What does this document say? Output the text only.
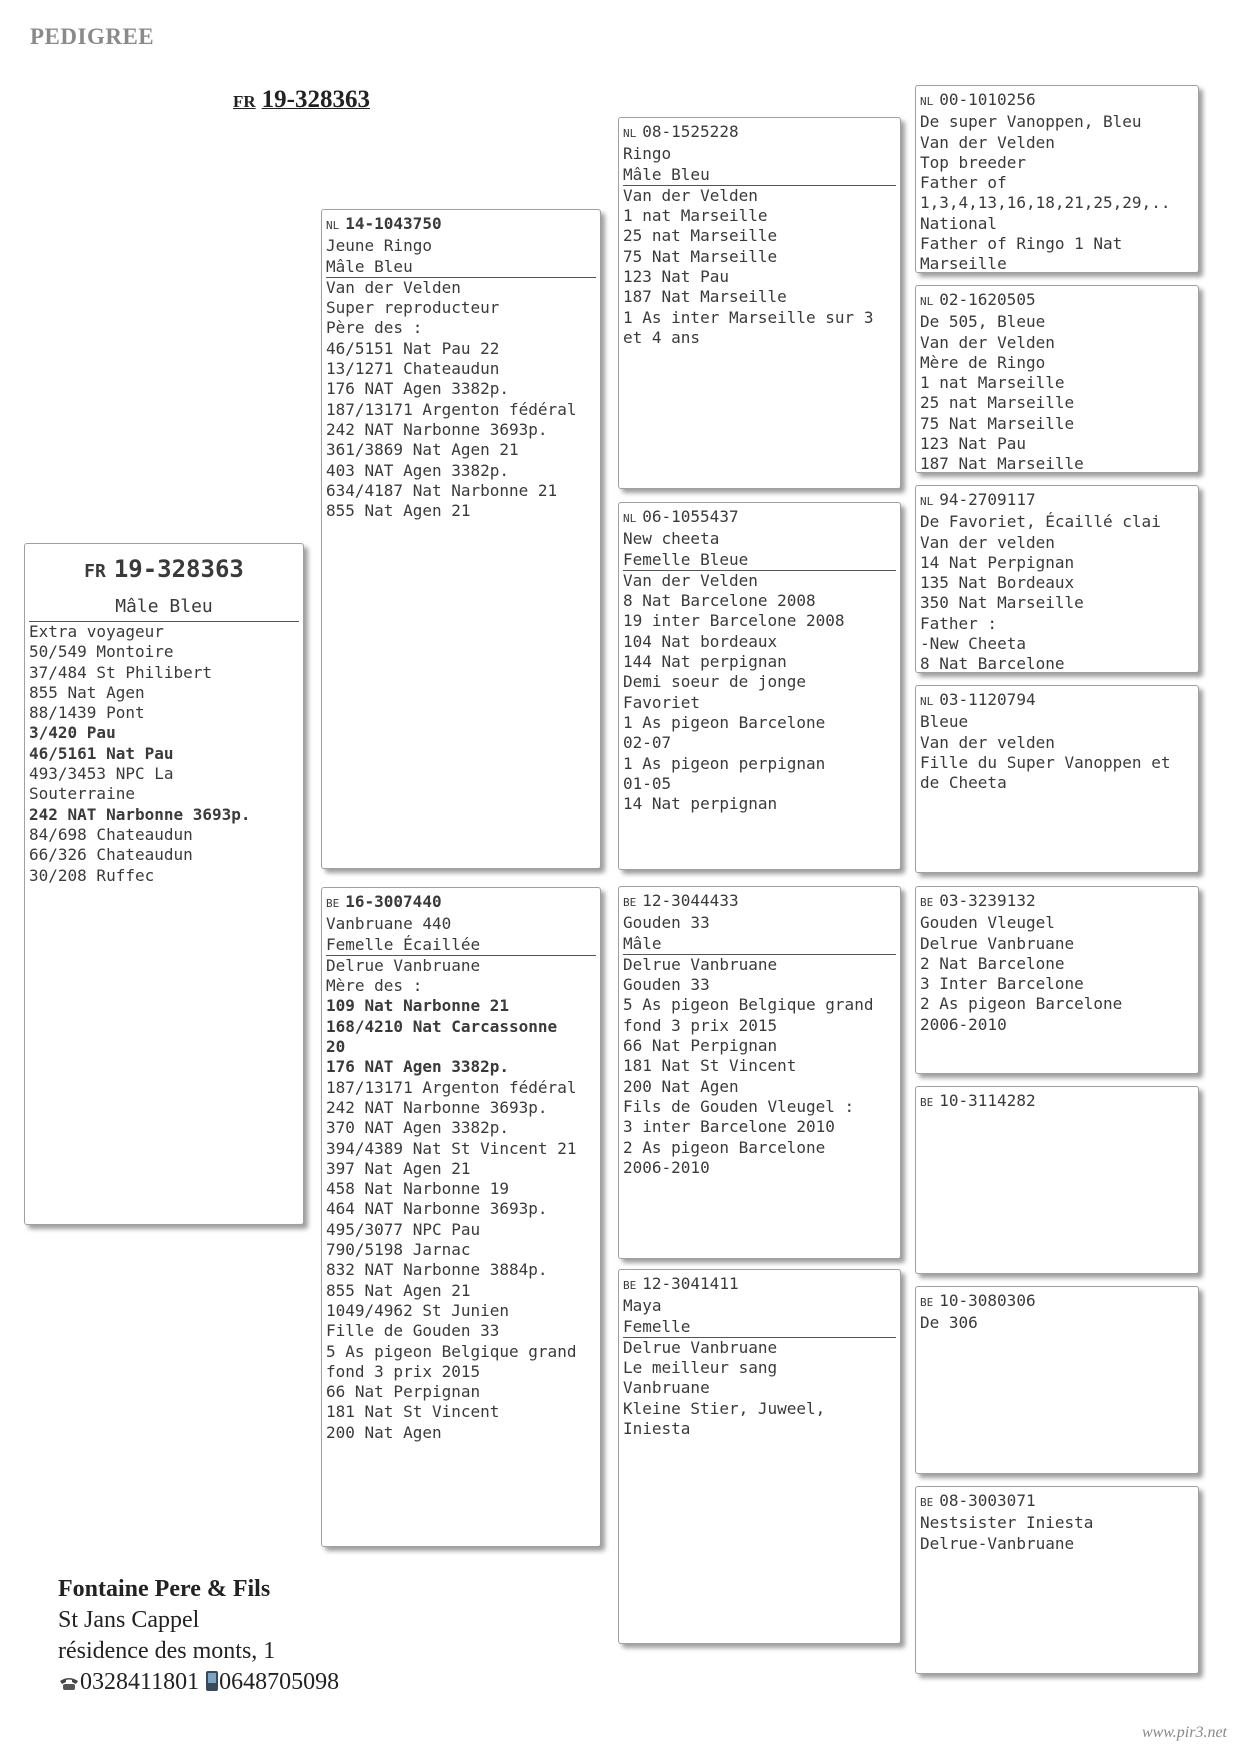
PEDIGREE
FR 19-328363
FR 19-328363
Mâle Bleu
Extra voyageur
50/549 Montoire
37/484 St Philibert
855 Nat Agen
88/1439 Pont
3/420 Pau
46/5161 Nat Pau
493/3453 NPC La
Souterraine
242 NAT Narbonne 3693p.
84/698 Chateaudun
66/326 Chateaudun
30/208 Ruffec
NL 14-1043750
Jeune Ringo
Mâle Bleu
Van der Velden
Super reproducteur
Père des :
46/5151 Nat Pau 22
13/1271 Chateaudun
176 NAT Agen 3382p.
187/13171 Argenton fédéral
242 NAT Narbonne 3693p.
361/3869 Nat Agen 21
403 NAT Agen 3382p.
634/4187 Nat Narbonne 21
855 Nat Agen 21
BE 16-3007440
Vanbruane 440
Femelle Écaillée
Delrue Vanbruane
Mère des :
109 Nat Narbonne 21
168/4210 Nat Carcassonne
20
176 NAT Agen 3382p.
187/13171 Argenton fédéral
242 NAT Narbonne 3693p.
370 NAT Agen 3382p.
394/4389 Nat St Vincent 21
397 Nat Agen 21
458 Nat Narbonne 19
464 NAT Narbonne 3693p.
495/3077 NPC Pau
790/5198 Jarnac
832 NAT Narbonne 3884p.
855 Nat Agen 21
1049/4962 St Junien
Fille de Gouden 33
5 As pigeon Belgique grand
fond 3 prix 2015
66 Nat Perpignan
181 Nat St Vincent
200 Nat Agen
NL 08-1525228
Ringo
Mâle Bleu
Van der Velden
1 nat Marseille
25 nat Marseille
75 Nat Marseille
123 Nat Pau
187 Nat Marseille
1 As inter Marseille sur 3
et 4 ans
NL 06-1055437
New cheeta
Femelle Bleue
Van der Velden
8 Nat Barcelone 2008
19 inter Barcelone 2008
104 Nat bordeaux
144 Nat perpignan
Demi soeur de jonge
Favoriet
1 As pigeon Barcelone
02-07
1 As pigeon perpignan
01-05
14 Nat perpignan
BE 12-3044433
Gouden 33
Mâle
Delrue Vanbruane
Gouden 33
5 As pigeon Belgique grand
fond 3 prix 2015
66 Nat Perpignan
181 Nat St Vincent
200 Nat Agen
Fils de Gouden Vleugel :
3 inter Barcelone 2010
2 As pigeon Barcelone
2006-2010
BE 12-3041411
Maya
Femelle
Delrue Vanbruane
Le meilleur sang
Vanbruane
Kleine Stier, Juweel,
Iniesta
NL 00-1010256
De super Vanoppen, Bleu
Van der Velden
Top breeder
Father of
1,3,4,13,16,18,21,25,29,..
National
Father of Ringo 1 Nat
Marseille
NL 02-1620505
De 505, Bleue
Van der Velden
Mère de Ringo
1 nat Marseille
25 nat Marseille
75 Nat Marseille
123 Nat Pau
187 Nat Marseille
NL 94-2709117
De Favoriet, Écaillé clai
Van der velden
14 Nat Perpignan
135 Nat Bordeaux
350 Nat Marseille
Father :
-New Cheeta
8 Nat Barcelone
NL 03-1120794
Bleue
Van der velden
Fille du Super Vanoppen et
de Cheeta
BE 03-3239132
Gouden Vleugel
Delrue Vanbruane
2 Nat Barcelone
3 Inter Barcelone
2 As pigeon Barcelone
2006-2010
BE 10-3114282
BE 10-3080306
De 306
BE 08-3003071
Nestsister Iniesta
Delrue-Vanbruane
Fontaine Pere & Fils
St Jans Cappel
résidence des monts, 1
0328411801 0648705098
www.pir3.net
